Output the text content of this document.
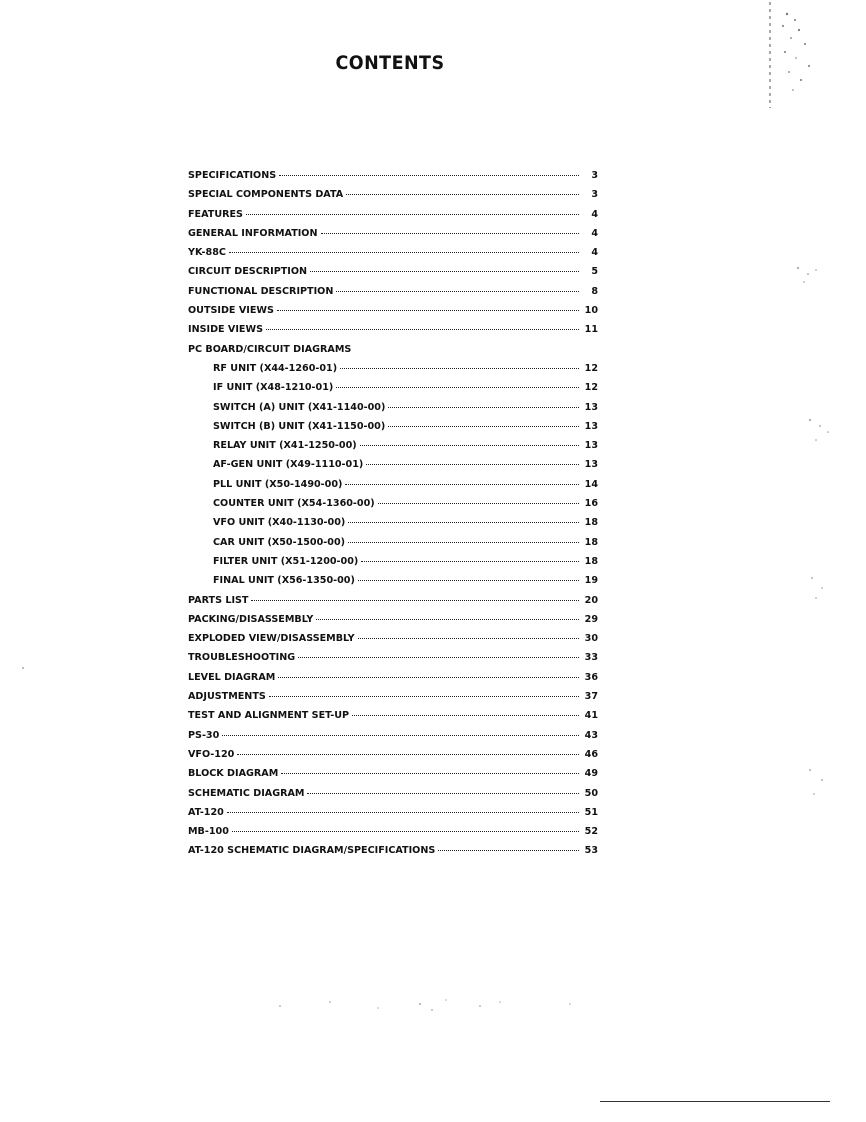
CONTENTS
SPECIFICATIONS	3
SPECIAL COMPONENTS DATA	3
FEATURES	4
GENERAL INFORMATION	4
YK-88C	4
CIRCUIT DESCRIPTION	5
FUNCTIONAL DESCRIPTION	8
OUTSIDE VIEWS	10
INSIDE VIEWS	11
PC BOARD/CIRCUIT DIAGRAMS
RF UNIT (X44-1260-01)	12
IF UNIT (X48-1210-01)	12
SWITCH (A) UNIT (X41-1140-00)	13
SWITCH (B) UNIT (X41-1150-00)	13
RELAY UNIT (X41-1250-00)	13
AF-GEN UNIT (X49-1110-01)	13
PLL UNIT (X50-1490-00)	14
COUNTER UNIT (X54-1360-00)	16
VFO UNIT (X40-1130-00)	18
CAR UNIT (X50-1500-00)	18
FILTER UNIT (X51-1200-00)	18
FINAL UNIT (X56-1350-00)	19
PARTS LIST	20
PACKING/DISASSEMBLY	29
EXPLODED VIEW/DISASSEMBLY	30
TROUBLESHOOTING	33
LEVEL DIAGRAM	36
ADJUSTMENTS	37
TEST AND ALIGNMENT SET-UP	41
PS-30	43
VFO-120	46
BLOCK DIAGRAM	49
SCHEMATIC DIAGRAM	50
AT-120	51
MB-100	52
AT-120 SCHEMATIC DIAGRAM/SPECIFICATIONS	53
